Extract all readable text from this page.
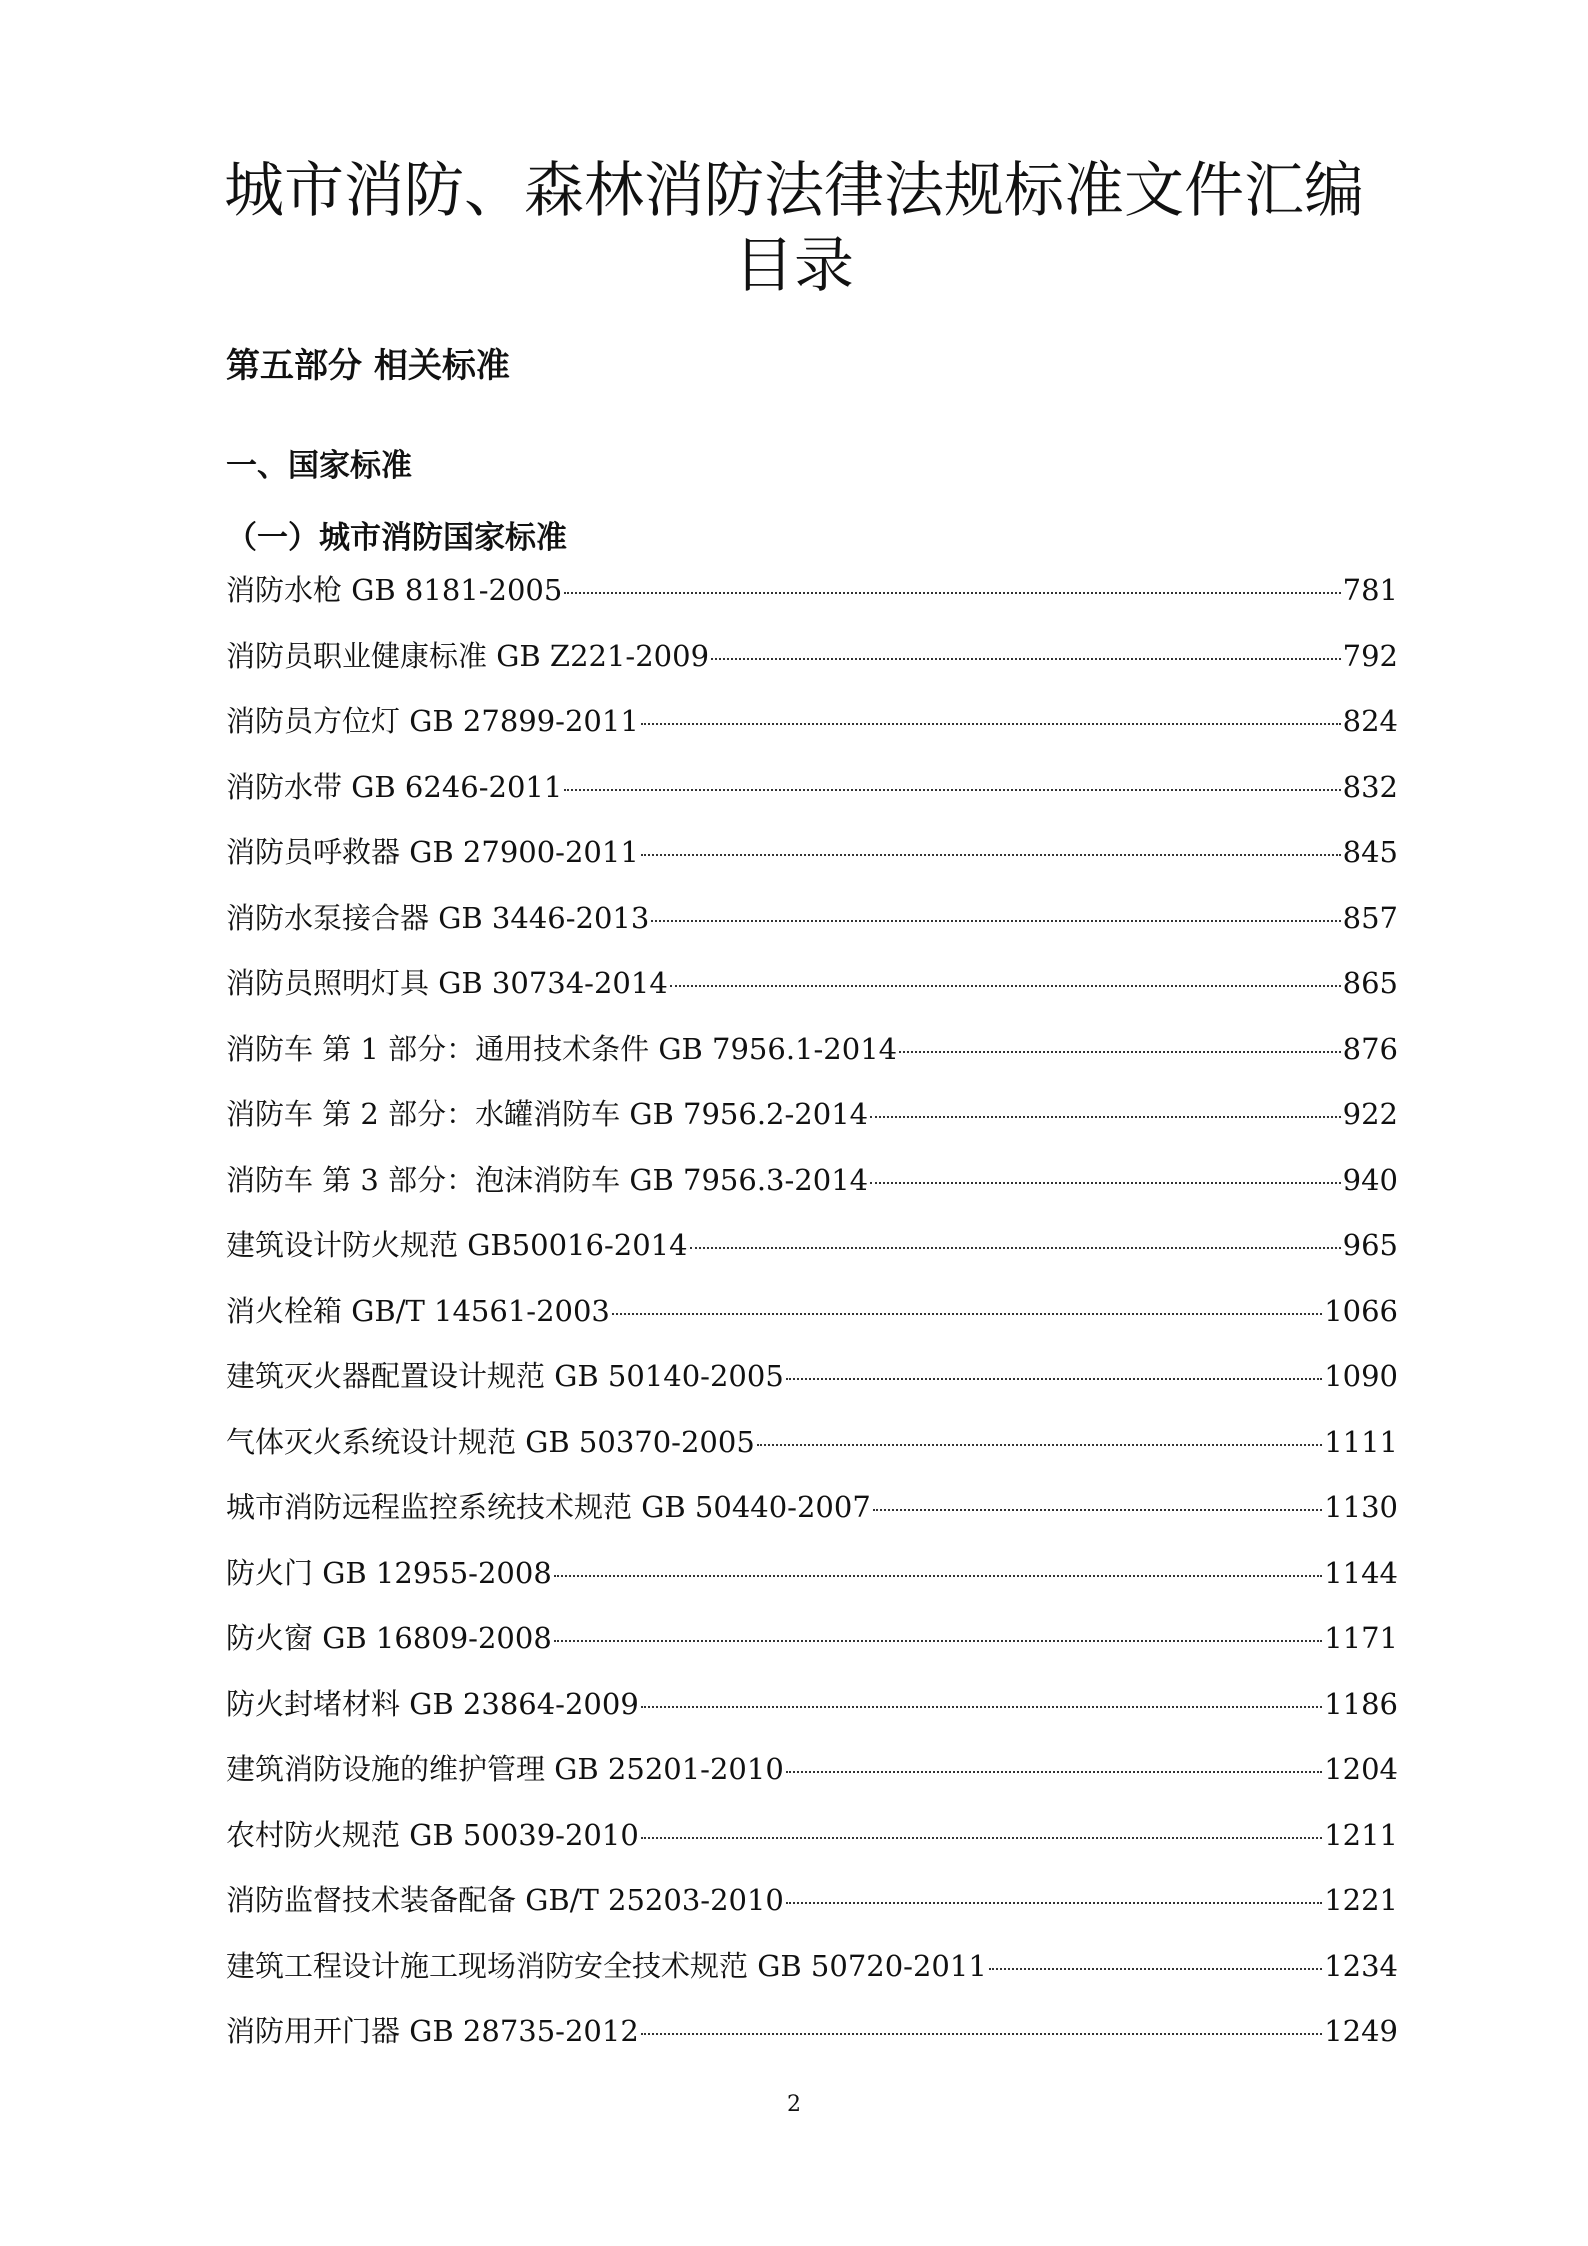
城市消防、森林消防法律法规标准文件汇编
目录
第五部分 相关标准
一、国家标准
（一）城市消防国家标准
消防水枪 GB 8181-2005	781
消防员职业健康标准 GB Z221-2009	792
消防员方位灯 GB 27899-2011	824
消防水带 GB 6246-2011	832
消防员呼救器 GB 27900-2011	845
消防水泵接合器 GB 3446-2013	857
消防员照明灯具 GB 30734-2014	865
消防车 第 1 部分：通用技术条件 GB 7956.1-2014	876
消防车 第 2 部分：水罐消防车 GB 7956.2-2014	922
消防车 第 3 部分：泡沫消防车 GB 7956.3-2014	940
建筑设计防火规范 GB50016-2014	965
消火栓箱 GB/T 14561-2003	1066
建筑灭火器配置设计规范 GB 50140-2005	1090
气体灭火系统设计规范 GB 50370-2005	1111
城市消防远程监控系统技术规范 GB 50440-2007	1130
防火门 GB 12955-2008	1144
防火窗 GB 16809-2008	1171
防火封堵材料 GB 23864-2009	1186
建筑消防设施的维护管理 GB 25201-2010	1204
农村防火规范 GB 50039-2010	1211
消防监督技术装备配备 GB/T 25203-2010	1221
建筑工程设计施工现场消防安全技术规范 GB 50720-2011	1234
消防用开门器 GB 28735-2012	1249
2
